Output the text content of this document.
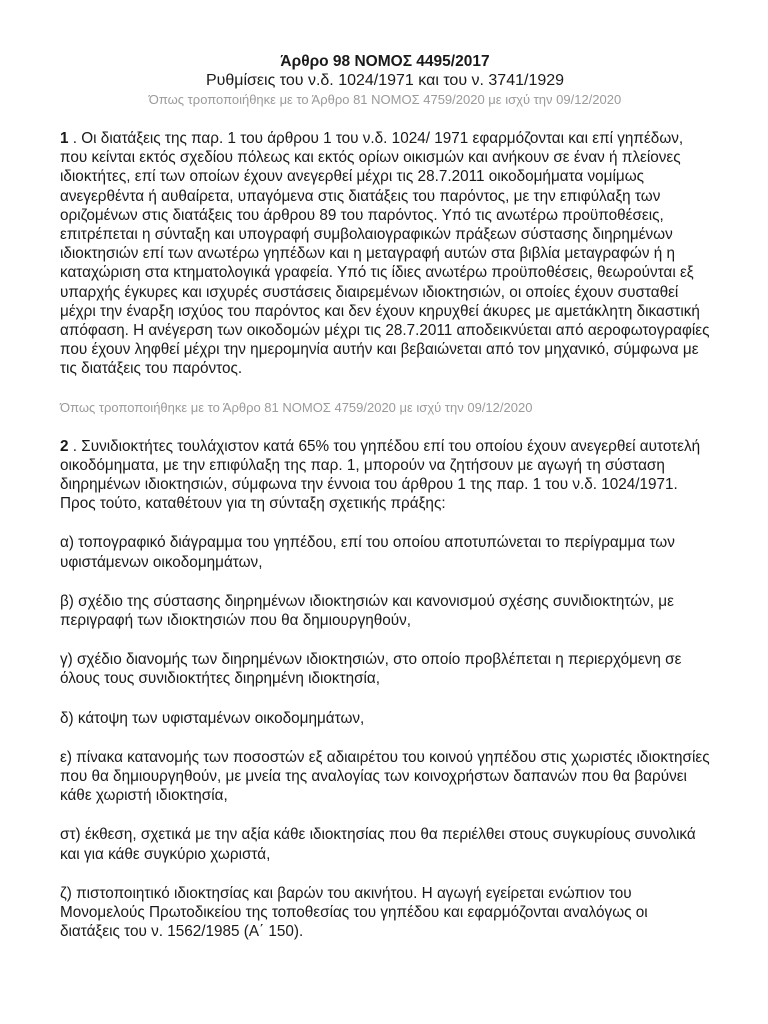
Άρθρο 98 ΝΟΜΟΣ 4495/2017

Ρυθμίσεις του ν.δ. 1024/1971 και του ν. 3741/1929

Όπως τροποποιήθηκε με το Άρθρο 81 ΝΟΜΟΣ 4759/2020 με ισχύ την 09/12/2020

1 . Οι διατάξεις της παρ. 1 του άρθρου 1 του ν.δ. 1024/ 1971 εφαρμόζονται και επί γηπέδων, που κείνται εκτός σχεδίου πόλεως και εκτός ορίων οικισμών και ανήκουν σε έναν ή πλείονες ιδιοκτήτες, επί των οποίων έχουν ανεγερθεί μέχρι τις 28.7.2011 οικοδομήματα νομίμως ανεγερθέντα ή αυθαίρετα, υπαγόμενα στις διατάξεις του παρόντος, με την επιφύλαξη των οριζομένων στις διατάξεις του άρθρου 89 του παρόντος. Υπό τις ανωτέρω προϋποθέσεις, επιτρέπεται η σύνταξη και υπογραφή συμβολαιογραφικών πράξεων σύστασης διηρημένων ιδιοκτησιών επί των ανωτέρω γηπέδων και η μεταγραφή αυτών στα βιβλία μεταγραφών ή η καταχώριση στα κτηματολογικά γραφεία. Υπό τις ίδιες ανωτέρω προϋποθέσεις, θεωρούνται εξ υπαρχής έγκυρες και ισχυρές συστάσεις διαιρεμένων ιδιοκτησιών, οι οποίες έχουν συσταθεί μέχρι την έναρξη ισχύος του παρόντος και δεν έχουν κηρυχθεί άκυρες με αμετάκλητη δικαστική απόφαση. Η ανέγερση των οικοδομών μέχρι τις 28.7.2011 αποδεικνύεται από αεροφωτογραφίες που έχουν ληφθεί μέχρι την ημερομηνία αυτήν και βεβαιώνεται από τον μηχανικό, σύμφωνα με τις διατάξεις του παρόντος.

Όπως τροποποιήθηκε με το Άρθρο 81 ΝΟΜΟΣ 4759/2020 με ισχύ την 09/12/2020

2 . Συνιδιοκτήτες τουλάχιστον κατά 65% του γηπέδου επί του οποίου έχουν ανεγερθεί αυτοτελή οικοδόμηματα, με την επιφύλαξη της παρ. 1, μπορούν να ζητήσουν με αγωγή τη σύσταση διηρημένων ιδιοκτησιών, σύμφωνα την έννοια του άρθρου 1 της παρ. 1 του ν.δ. 1024/1971. Προς τούτο, καταθέτουν για τη σύνταξη σχετικής πράξης:

α) τοπογραφικό διάγραμμα του γηπέδου, επί του οποίου αποτυπώνεται το περίγραμμα των υφιστάμενων οικοδομημάτων,

β) σχέδιο της σύστασης διηρημένων ιδιοκτησιών και κανονισμού σχέσης συνιδιοκτητών, με περιγραφή των ιδιοκτησιών που θα δημιουργηθούν,

γ) σχέδιο διανομής των διηρημένων ιδιοκτησιών, στο οποίο προβλέπεται η περιερχόμενη σε όλους τους συνιδιοκτήτες διηρημένη ιδιοκτησία,

δ) κάτοψη των υφισταμένων οικοδομημάτων,

ε) πίνακα κατανομής των ποσοστών εξ αδιαιρέτου του κοινού γηπέδου στις χωριστές ιδιοκτησίες που θα δημιουργηθούν, με μνεία της αναλογίας των κοινοχρήστων δαπανών που θα βαρύνει κάθε χωριστή ιδιοκτησία,

στ) έκθεση, σχετικά με την αξία κάθε ιδιοκτησίας που θα περιέλθει στους συγκυρίους συνολικά και για κάθε συγκύριο χωριστά,

ζ) πιστοποιητικό ιδιοκτησίας και βαρών του ακινήτου. Η αγωγή εγείρεται ενώπιον του Μονομελούς Πρωτοδικείου της τοποθεσίας του γηπέδου και εφαρμόζονται αναλόγως οι διατάξεις του ν. 1562/1985 (Α΄ 150).
